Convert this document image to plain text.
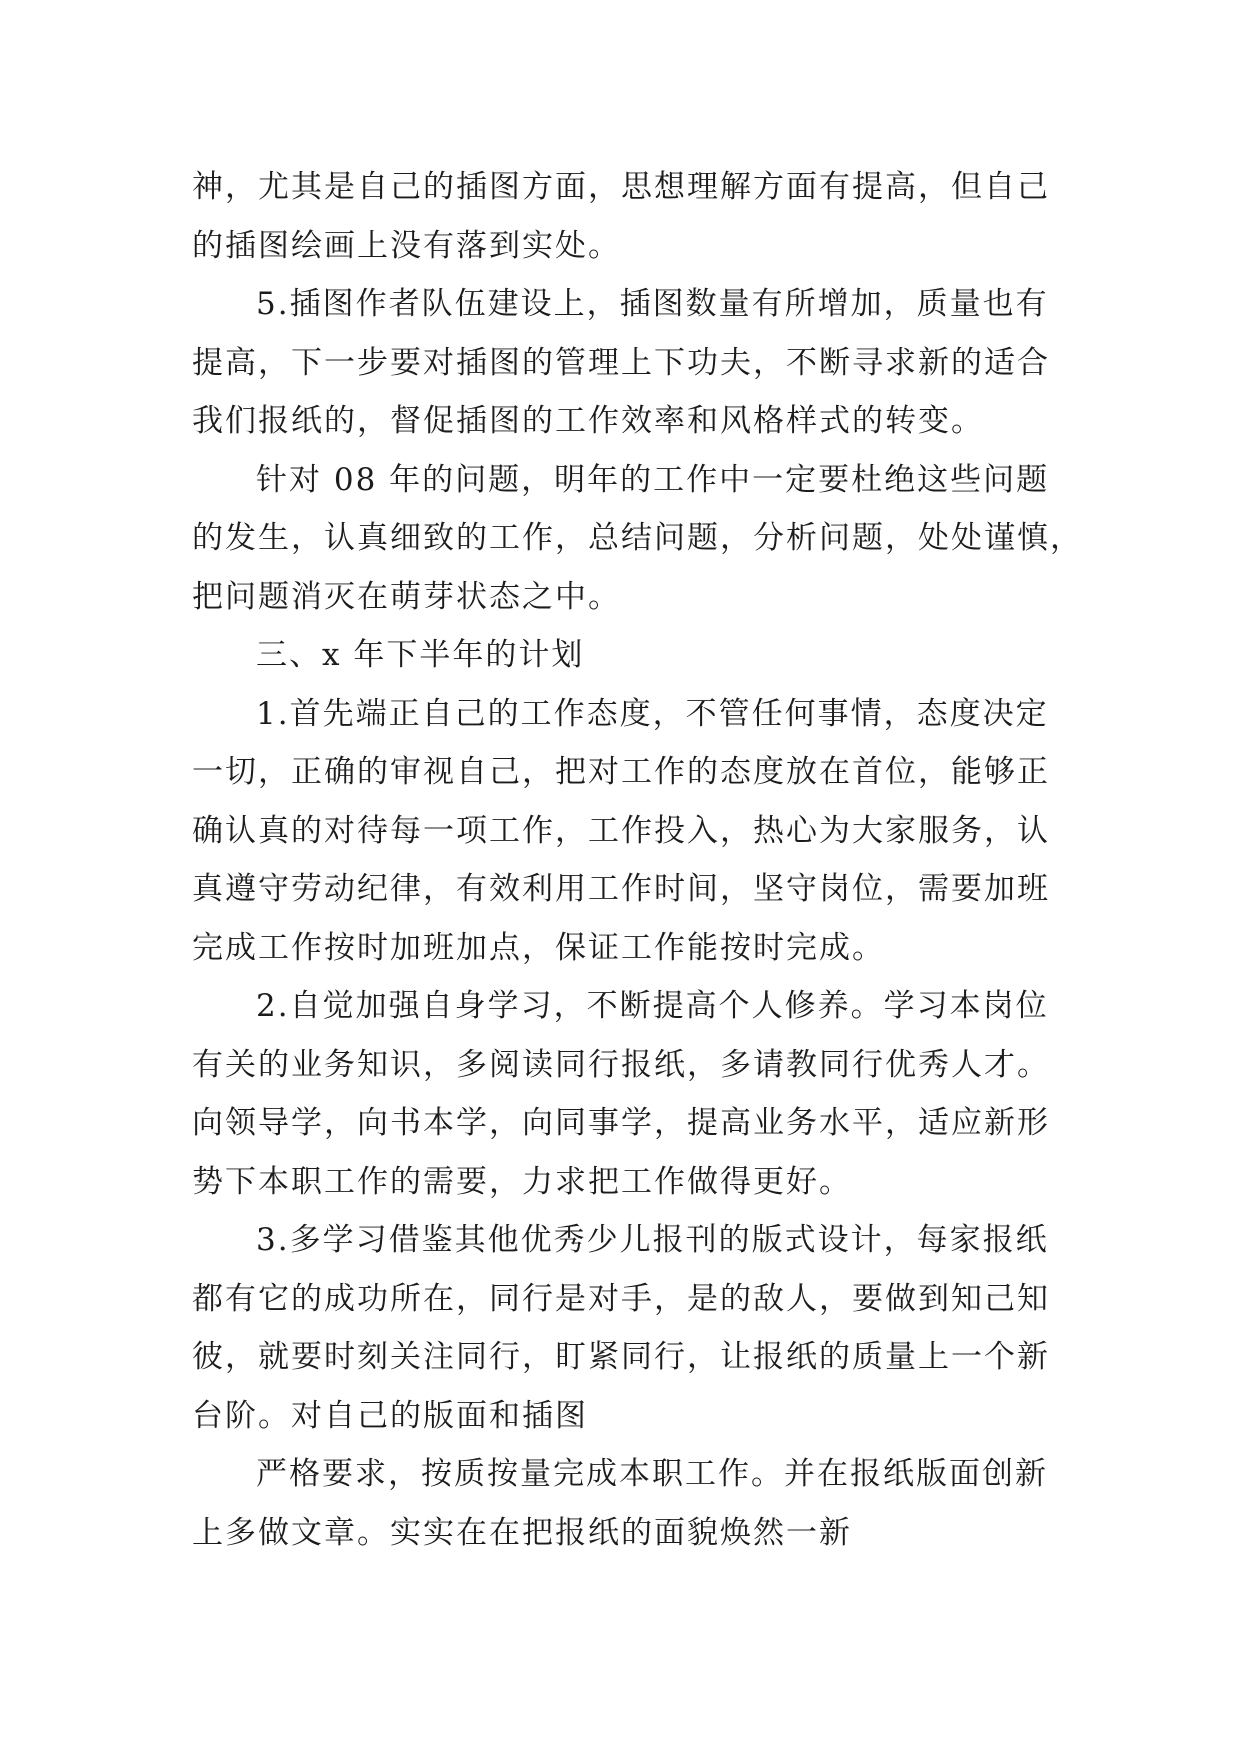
神，尤其是自己的插图方面，思想理解方面有提高，但自己
的插图绘画上没有落到实处。
5.插图作者队伍建设上，插图数量有所增加，质量也有
提高，下一步要对插图的管理上下功夫，不断寻求新的适合
我们报纸的，督促插图的工作效率和风格样式的转变。
针对 08 年的问题，明年的工作中一定要杜绝这些问题
的发生，认真细致的工作，总结问题，分析问题，处处谨慎，
把问题消灭在萌芽状态之中。
三、x 年下半年的计划
1.首先端正自己的工作态度，不管任何事情，态度决定
一切，正确的审视自己，把对工作的态度放在首位，能够正
确认真的对待每一项工作，工作投入，热心为大家服务，认
真遵守劳动纪律，有效利用工作时间，坚守岗位，需要加班
完成工作按时加班加点，保证工作能按时完成。
2.自觉加强自身学习，不断提高个人修养。学习本岗位
有关的业务知识，多阅读同行报纸，多请教同行优秀人才。
向领导学，向书本学，向同事学，提高业务水平，适应新形
势下本职工作的需要，力求把工作做得更好。
3.多学习借鉴其他优秀少儿报刊的版式设计，每家报纸
都有它的成功所在，同行是对手，是的敌人，要做到知己知
彼，就要时刻关注同行，盯紧同行，让报纸的质量上一个新
台阶。对自己的版面和插图
严格要求，按质按量完成本职工作。并在报纸版面创新
上多做文章。实实在在把报纸的面貌焕然一新
